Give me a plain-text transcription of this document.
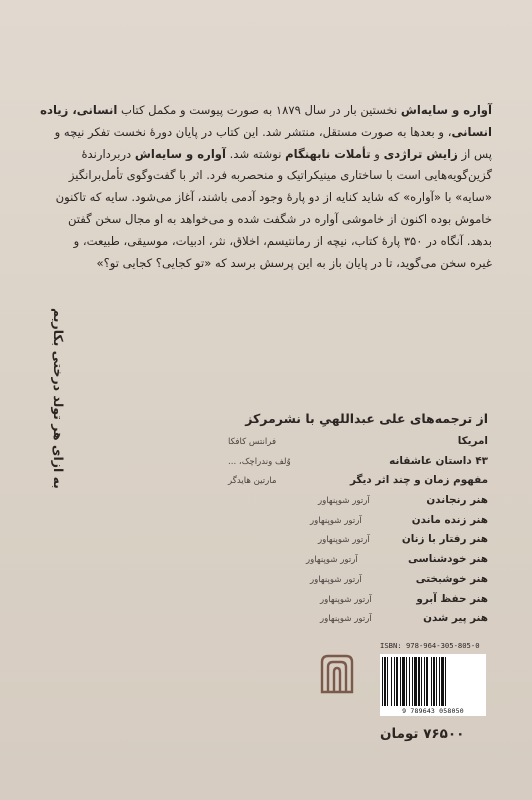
آواره و سایه‌اش نخستین بار در سال ۱۸۷۹ به صورت پیوست و مکمل کتاب انسانی، زیاده

انسانی، و بعدها به صورت مستقل، منتشر شد. این کتاب در پایان دورهٔ نخست تفکر نیچه و

پس از زایش تراژدی و تأملات نابهنگام نوشته شد. آواره و سایه‌اش دربردارندهٔ

گزین‌گویه‌هایی است با ساختاری مینیکراتیک و منحصربه فرد. اثر با گفت‌وگوی تأمل‌برانگیز

«سایه» با «آواره» که شاید کنایه از دو پارهٔ وجود آدمی باشند، آغاز می‌شود. سایه که تاکنون

خاموش بوده اکنون از خاموشی آواره در شگفت شده و می‌خواهد به او مجال سخن گفتن

بدهد. آنگاه در ۳۵۰ پارهٔ کتاب، نیچه از رمانتیسم، اخلاق، نثر، ادبیات، موسیقی، طبیعت، و

غیره سخن می‌گوید، تا در پایان باز به این پرسش برسد که «تو کجایی؟ کجایی تو؟»

به ازای هر تولد درختی بکاریم	از ترجمه‌های علی عبداللهیِ با نشرمرکز
امریکا
فرانتس کافکا
۴۳ داستان عاشقانه
وُلف وندراچک، ...
مفهوم زمان و چند اثر دیگر
مارتین هایدگر
هنر رنجاندن
آرتور شوپنهاور
هنر زنده ماندن
آرتور شوپنهاور
هنر رفتار با زنان
آرتور شوپنهاور
هنر خودشناسی
آرتور شوپنهاور
هنر خوشبختی
آرتور شوپنهاور
هنر حفظ آبرو
آرتور شوپنهاور
هنر پیر شدن
آرتور شوپنهاور
ISBN: 978-964-305-805-0
9 789643 058050
۷۶۵۰۰ تومان
